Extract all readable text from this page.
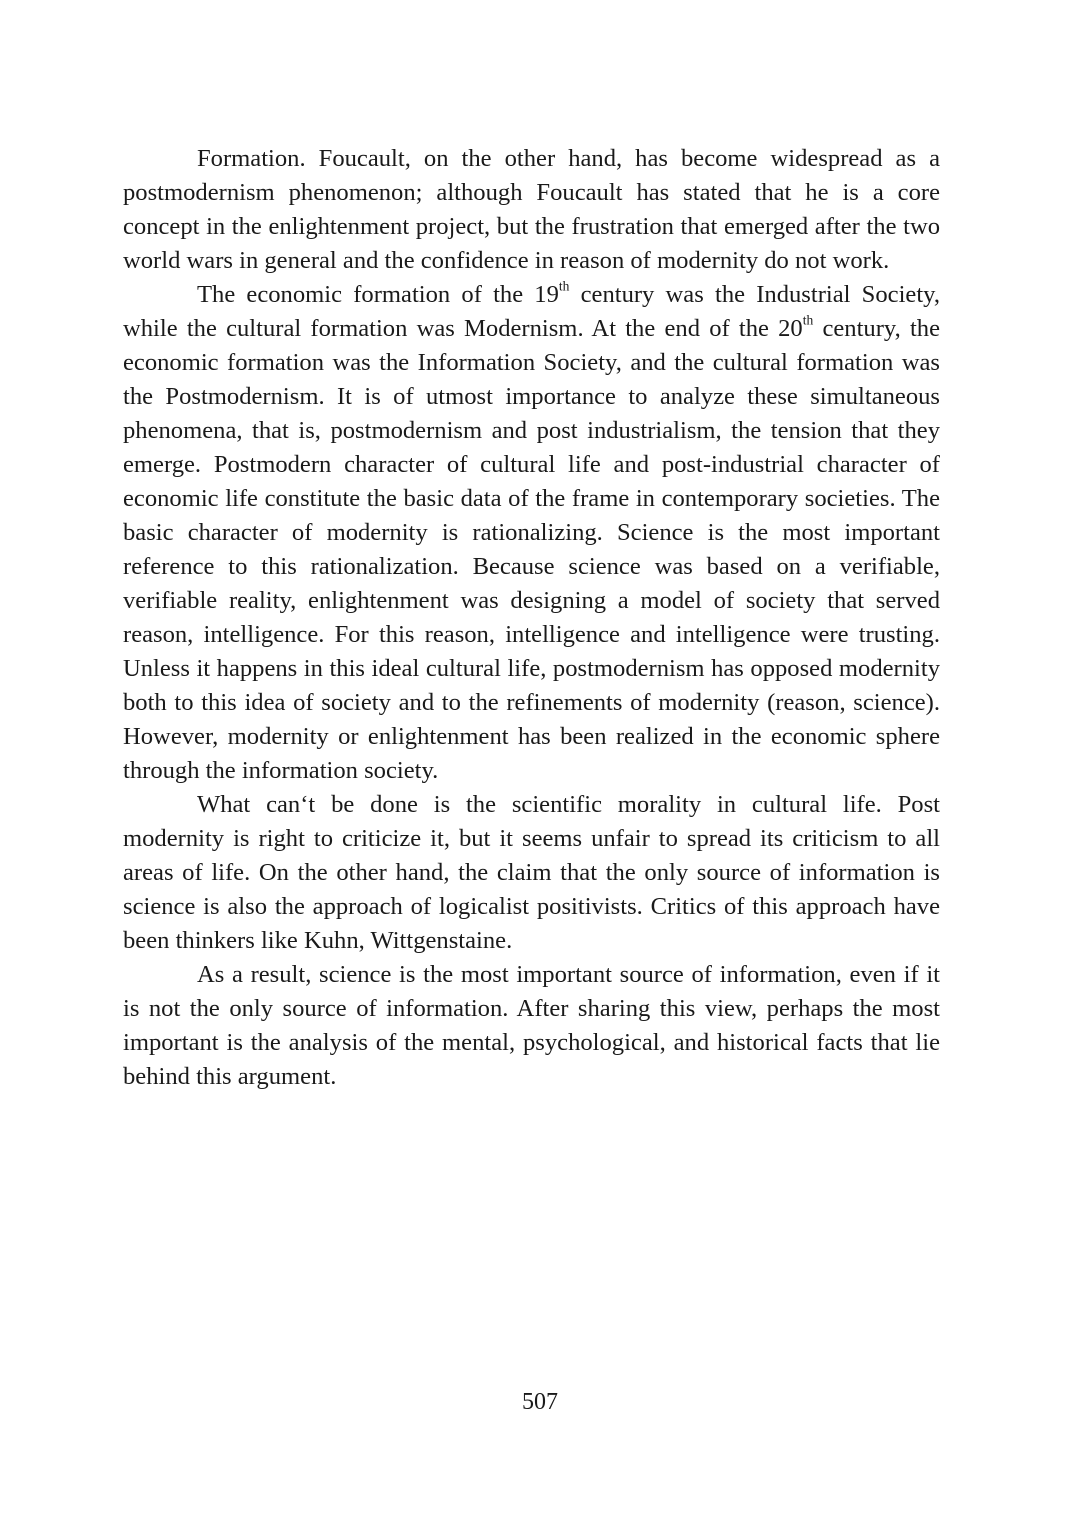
Formation. Foucault, on the other hand, has become widespread as a postmodernism phenomenon; although Foucault has stated that he is a core concept in the enlightenment project, but the frustration that emerged after the two world wars in general and the confidence in reason of modernity do not work.

The economic formation of the 19th century was the Industrial Society, while the cultural formation was Modernism. At the end of the 20th century, the economic formation was the Information Society, and the cultural formation was the Postmodernism. It is of utmost importance to analyze these simultaneous phenomena, that is, postmodernism and post industrialism, the tension that they emerge. Postmodern character of cultural life and post-industrial character of economic life constitute the basic data of the frame in contemporary societies. The basic character of modernity is rationalizing. Science is the most important reference to this rationalization. Because science was based on a verifiable, verifiable reality, enlightenment was designing a model of society that served reason, intelligence. For this reason, intelligence and intelligence were trusting. Unless it happens in this ideal cultural life, postmodernism has opposed modernity both to this idea of society and to the refinements of modernity (reason, science). However, modernity or enlightenment has been realized in the economic sphere through the information society.

What can‘t be done is the scientific morality in cultural life. Post modernity is right to criticize it, but it seems unfair to spread its criticism to all areas of life. On the other hand, the claim that the only source of information is science is also the approach of logicalist positivists. Critics of this approach have been thinkers like Kuhn, Wittgenstaine.

As a result, science is the most important source of information, even if it is not the only source of information. After sharing this view, perhaps the most important is the analysis of the mental, psychological, and historical facts that lie behind this argument.

507
